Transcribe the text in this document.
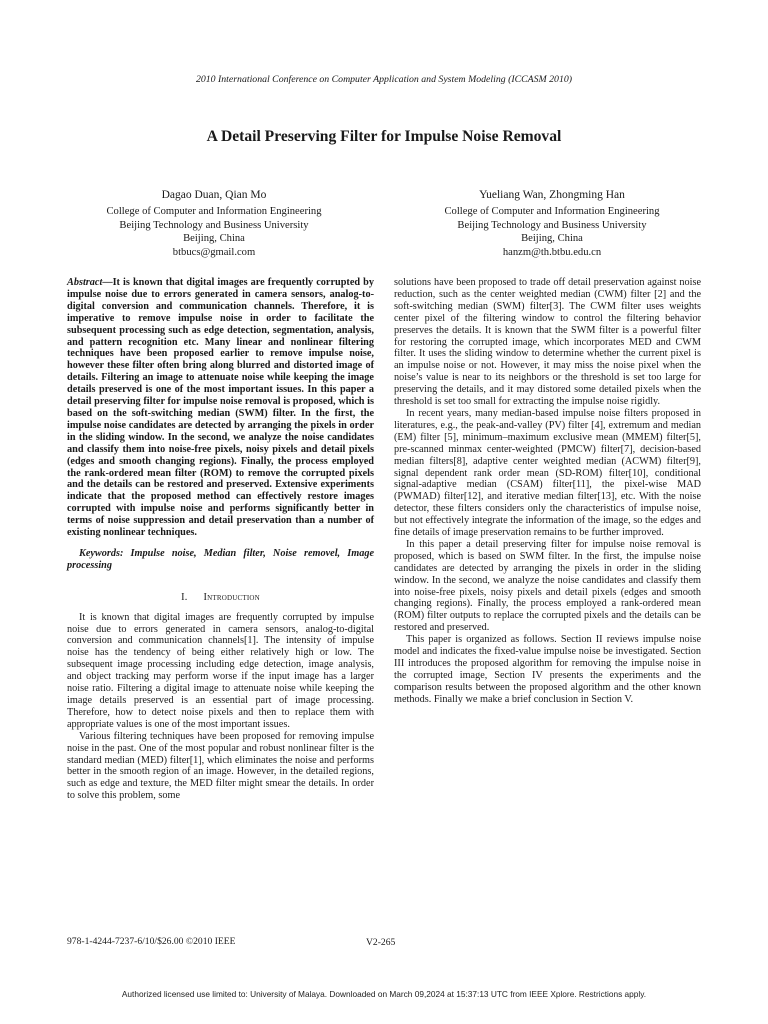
2010 International Conference on Computer Application and System Modeling (ICCASM 2010)
A Detail Preserving Filter for Impulse Noise Removal
Dagao Duan, Qian Mo
College of Computer and Information Engineering
Beijing Technology and Business University
Beijing, China
btbucs@gmail.com
Yueliang Wan, Zhongming Han
College of Computer and Information Engineering
Beijing Technology and Business University
Beijing, China
hanzm@th.btbu.edu.cn
Abstract—It is known that digital images are frequently corrupted by impulse noise due to errors generated in camera sensors, analog-to-digital conversion and communication channels. Therefore, it is imperative to remove impulse noise in order to facilitate the subsequent processing such as edge detection, segmentation, analysis, and pattern recognition etc. Many linear and nonlinear filtering techniques have been proposed earlier to remove impulse noise, however these filter often bring along blurred and distorted image of details. Filtering an image to attenuate noise while keeping the image details preserved is one of the most important issues. In this paper a detail preserving filter for impulse noise removal is proposed, which is based on the soft-switching median (SWM) filter. In the first, the impulse noise candidates are detected by arranging the pixels in order in the sliding window. In the second, we analyze the noise candidates and classify them into noise-free pixels, noisy pixels and detail pixels (edges and smooth changing regions). Finally, the process employed the rank-ordered mean filter (ROM) to remove the corrupted pixels and the details can be restored and preserved. Extensive experiments indicate that the proposed method can effectively restore images corrupted with impulse noise and performs significantly better in terms of noise suppression and detail preservation than a number of existing nonlinear techniques.
Keywords: Impulse noise, Median filter, Noise removel, Image processing
I. Introduction

It is known that digital images are frequently corrupted by impulse noise due to errors generated in camera sensors, analog-to-digital conversion and communication channels[1]. The intensity of impulse noise has the tendency of being either relatively high or low. The subsequent image processing including edge detection, image analysis, and object tracking may perform worse if the input image has a larger noise ratio. Filtering a digital image to attenuate noise while keeping the image details preserved is an essential part of image processing. Therefore, how to detect noise pixels and then to replace them with appropriate values is one of the most important issues.

Various filtering techniques have been proposed for removing impulse noise in the past. One of the most popular and robust nonlinear filter is the standard median (MED) filter[1], which eliminates the noise and performs better in the smooth region of an image. However, in the detailed regions, such as edge and texture, the MED filter might smear the details. In order to solve this problem, some

solutions have been proposed to trade off detail preservation against noise reduction, such as the center weighted median (CWM) filter [2] and the soft-switching median (SWM) filter[3]. The CWM filter uses weights center pixel of the filtering window to control the filtering behavior preserves the details. It is known that the SWM filter is a powerful filter for restoring the corrupted image, which incorporates MED and CWM filter. It uses the sliding window to determine whether the current pixel is an impulse noise or not. However, it may miss the noise pixel when the noise’s value is near to its neighbors or the threshold is set too large for preserving the details, and it may distored some detailed pixels when the threshold is set too small for extracting the impulse noise rigidly.

In recent years, many median-based impulse noise filters proposed in literatures, e.g., the peak-and-valley (PV) filter [4], extremum and median (EM) filter [5], minimum–maximum exclusive mean (MMEM) filter[5], pre-scanned minmax center-weighted (PMCW) filter[7], decision-based median filters[8], adaptive center weighted median (ACWM) filter[9], signal dependent rank order mean (SD-ROM) filter[10], conditional signal-adaptive median (CSAM) filter[11], the pixel-wise MAD (PWMAD) filter[12], and iterative median filter[13], etc. With the noise detector, these filters considers only the characteristics of impulse noise, but not effectively integrate the information of the image, so the edges and fine details of image preservation remains to be further improved.

In this paper a detail preserving filter for impulse noise removal is proposed, which is based on SWM filter. In the first, the impulse noise candidates are detected by arranging the pixels in order in the sliding window. In the second, we analyze the noise candidates and classify them into noise-free pixels, noisy pixels and detail pixels (edges and smooth changing regions). Finally, the process employed a rank-ordered mean (ROM) filter outputs to replace the corrupted pixels and the details can be restored and preserved.

This paper is organized as follows. Section II reviews impulse noise model and indicates the fixed-value impulse noise be investigated. Section III introduces the proposed algorithm for removing the impulse noise in the corrupted image, Section IV presents the experiments and the comparison results between the proposed algorithm and the other known methods. Finally we make a brief conclusion in Section V.

978-1-4244-7237-6/10/$26.00 ©2010 IEEE	V2-265
Authorized licensed use limited to: University of Malaya. Downloaded on March 09,2024 at 15:37:13 UTC from IEEE Xplore. Restrictions apply.
